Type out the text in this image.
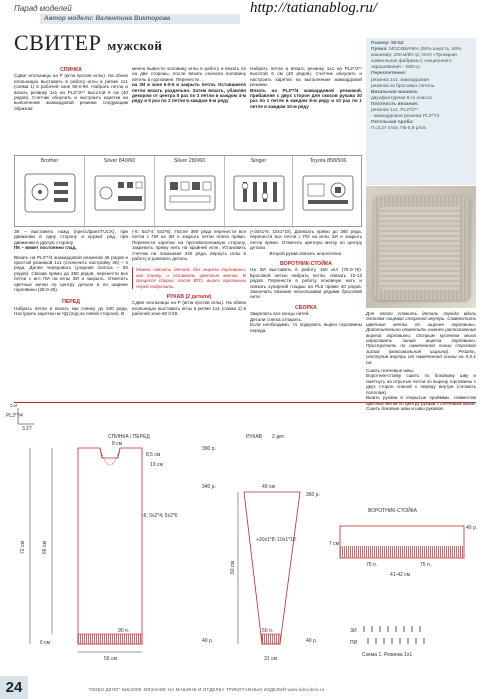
Парад моделей
Автор модели: Валентина Викторова
http://tatianablog.ru/
СВИТЕР мужской
СПИНКА

Сдвиг игольницы на Р (игла против иглы). На обеих игольницах выставить в работу иглы в ритме 1х1 (схема 1) в рабочей зоне 90-0-90. Набрать петли и вязать резинку 1х1 на PL2*/2** высотой 6 см (40 рядов). Счетчик обнулить и настроить каретки на выполнение жаккардовой резинки следующим образом:

менно вывести половину иглы в работу и вязать по на две стороны, после вязать сначала половину петель в горловине. Перенести ...

на ЗИ в зоне 6-0-6 и закрыть петли. Оставшиеся петли вязать раздельно. Затем вязать, убавляя декором от центра 5 раз по 2 петли в каждом 4-м ряду и 5 раз по 2 петли в каждом 6-м ряду

Набрать петли и вязать резинку 1х1 на PL2*/2** высотой 6 см (40 рядов). Счетчик обнулить и настроить каретки на выполнение жаккардовой резинки.

Вязать на PL3**/4 жаккардовой резинкой, прибавляя с двух сторон для скосов рукава 30 раз по 1 петле в каждом 8-м ряду и 10 раз по 1 петле в каждом 10-м ряду

Размер: 50-52
Пряжа: МОСКВИЧКА (50% шерсть, 50% кашемир; 200 м/50 гр; ОАО «Троицкая камвольная фабрика») секционного окрашивания – 800 гр.
Переплетение:
резинка 1х1, жаккардовая
резинка из бросовых петель.
Вязальная машина:
двухфонтурная 5-го класса
Плотность вязания:
резинка 1х1, PL2*/2**
- жаккардовая резинка PL3**/4
Петельная проба:
П=3,27 п/см, Пв-5,9 р/см.
Brother	Silver 840/60	Silver 280/60	Singer	Toyota 858/506

ЗК – выставить нажд (пресс/фанг/TUCK), при движении в одну сторону и кружит ряд, при движении в другую сторону.

ПК – вяжет постоянно глад.

Вязать на PL3**/4 жаккардовой резинкой 46 рядов и простой резинкой 1х1 (отключить настройку ЗК) – 4 ряда. Далее чередовать (узорная полоса – 50 рядов). Связав прямо до 390 рядов, перенести все петли с игл ПИ на иглы ЗИ и закрыть. Отметить цветные метки по центру детали и по ширине горловины (28-0-26).

ПЕРЕД

Набрать петли и вязать как спинку до 340 ряда. Настроить каретки на ЧД (под на левой стороне). В

(-6; 5х2*4; 5х2*6). После 390 ряда перенести все петли с ПИ на ЗИ и закрыть петли плеча прямо. Перенести каретки на противоположную сторону, закрепить пряжу нить на крайней игле. Установить счетчик на показания 340 ряда, вернуть иглы в работу и довязать деталь.

Можно связать деталь без выреза горловины, как спинку, и оставить цветные метки. В процессе сборки, после ВТО, вырез горловины перед подрезать.

РУКАВ (2 детали)

Сдвиг игольницы на Р (игла против иглы). На обеих игольницах выставить иглы в ритме 1х1 (схема 1) в рабочей зоне 50 0 50.

(+30х1*8; 10х1*10). Довязать прямо до 360 ряда, перенести все петли с ПИ на иглы ЗИ и закрыть петли прямо. Отметить цветную метку по центру детали.

Второй рукав связать аналогично.

ВОРОТНИК-СТОЙКА

На ЗИ выставить в работу 150 игл (75-0-75). Бросовой нитью набрать петли, связать 10-12 рядов. Перенести в работу основную нить и связать кулирной гладью на PL5 прямо 40 рядов. Закончить вязание несколькими рядами бросовой нити.

СБОРКА

Закрепить все концы нитей.

Детали слегка отпарить.

Если необходимо, то подкроить вырез горловины переда.

Для этого сложить деталь переда вдоль пополам лицевой стороной внутрь. Совместить цветные метки по ширине горловины. Дополнительно отметить нижнее расположение выреза горловины. Острым кусочком мыла нарисовать линию выреза горловины. Прострочить по намеченной линии строчкой зигзаг (максимальная ширина). Резать, отступив внутрь от намеченной линии на 0,5-1 см.

Сшить плечевые швы.

Воротник-стойку сшить по боковому шву и сметнуть на отрытые петли по вырезу горловины с двух сторон спиной к перёду внутри (сложить пополам).

Вшить рукава в открытые пройммы, совместив цветные метки по центру рукава с плечевым швом.

Сшить боковые швы и швы рукавов.

5.9
PL3**/4
3.27
СПИНКА / ПЕРЕД
8 см
8,5 см
19 см
-6; 5х2*4; 5х2*6
390 р.
340 р.
72 см	66 см
6 см	40 р.
90 п.
55 см
РУКАВ 2 дет.
49 см
+30х1*8; 10х1*10
360 р.
60 см
40 р.
50 п.
31 см
ВОРОТНИК-СТОЙКА
40 р.
7 см
75 п.	75 п.
41-42 см
ЗИ
ПИ
Схема 1. Резинка 1х1
24	"ЛЮБО ДЕЛО" №6/2008. ВЯЗАНИЕ НА МАШИНЕ И ОТДЕЛКА ТРИКОТАЖНЫХ ИЗДЕЛИЙ www.lubo-delo.ru
